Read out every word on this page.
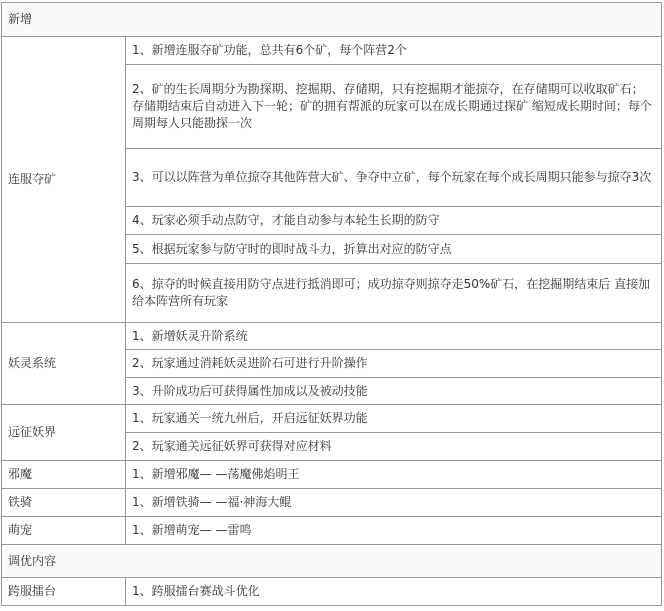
新增	
连服夺矿	1、新增连服夺矿功能，总共有6个矿，每个阵营2个
	2、矿的生长周期分为勘探期、挖掘期、存储期，只有挖掘期才能掠夺，在存储期可以收取矿石；存储期结束后自动进入下一轮；矿的拥有帮派的玩家可以在成长期通过探矿 缩短成长期时间；每个周期每人只能勘探一次
	3、可以以阵营为单位掠夺其他阵营大矿、争夺中立矿，每个玩家在每个成长周期只能参与掠夺3次
	4、玩家必须手动点防守，才能自动参与本轮生长期的防守
	5、根据玩家参与防守时的即时战斗力，折算出对应的防守点
	6、掠夺的时候直接用防守点进行抵消即可；成功掠夺则掠夺走50%矿石，在挖掘期结束后 直接加给本阵营所有玩家
妖灵系统	1、新增妖灵升阶系统
	2、玩家通过消耗妖灵进阶石可进行升阶操作
	3、升阶成功后可获得属性加成以及被动技能
远征妖界	1、玩家通关一统九州后，开启远征妖界功能
	2、玩家通关远征妖界可获得对应材料
邪魔	1、新增邪魔— —荡魔佛焰明王
铁骑	1、新增铁骑— —福·神海大鲲
萌宠	1、新增萌宠— —雷鸣
调优内容	
跨服擂台	1、跨服擂台赛战斗优化
